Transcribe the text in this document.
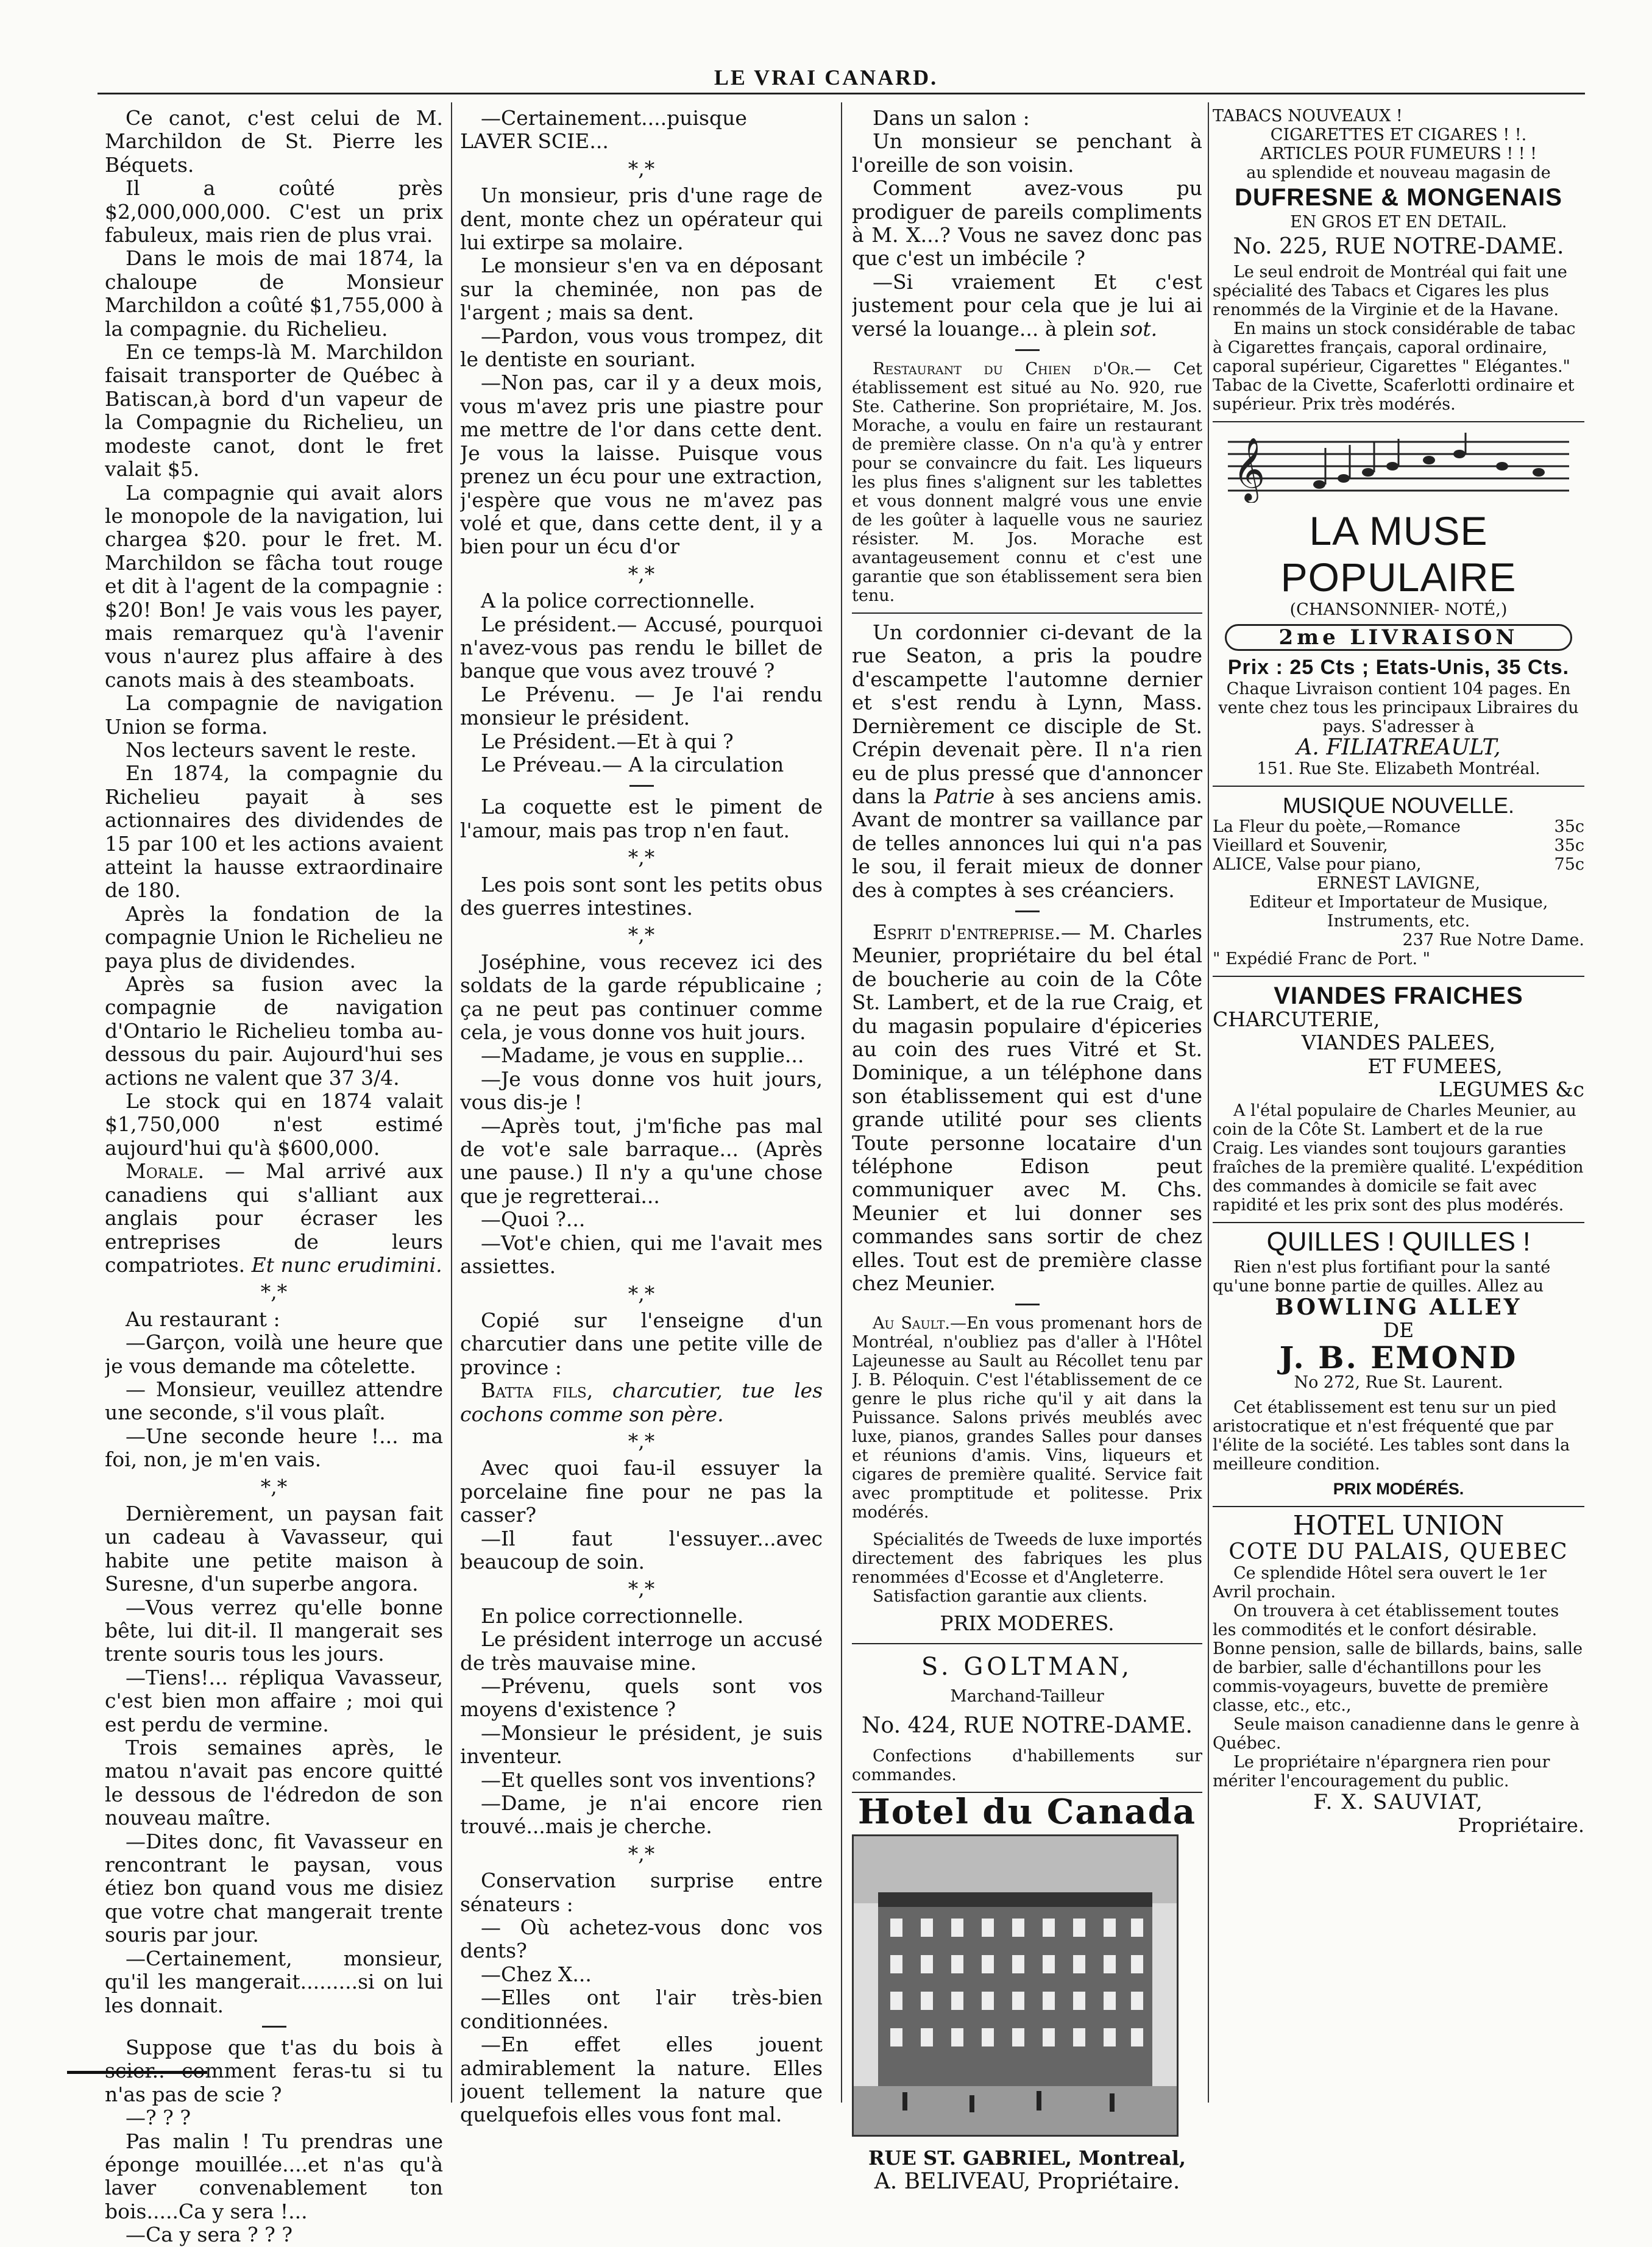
LE VRAI CANARD.

Ce canot, c'est celui de M. Marchildon de St. Pierre les Béquets.

Il a coûté près $2,000,000,000. C'est un prix fabuleux, mais rien de plus vrai.

Dans le mois de mai 1874, la chaloupe de Monsieur Marchildon a coûté $1,755,000 à la compagnie. du Richelieu.

En ce temps-là M. Marchildon faisait transporter de Québec à Batiscan,à bord d'un vapeur de la Compagnie du Richelieu, un modeste canot, dont le fret valait $5.

La compagnie qui avait alors le monopole de la navigation, lui chargea $20. pour le fret. M. Marchildon se fâcha tout rouge et dit à l'agent de la compagnie : $20! Bon! Je vais vous les payer, mais remarquez qu'à l'avenir vous n'aurez plus affaire à des canots mais à des steamboats.

La compagnie de navigation Union se forma.

Nos lecteurs savent le reste.

En 1874, la compagnie du Richelieu payait à ses actionnaires des dividendes de 15 par 100 et les actions avaient atteint la hausse extraordinaire de 180.

Après la fondation de la compagnie Union le Richelieu ne paya plus de dividendes.

Après sa fusion avec la compagnie de navigation d'Ontario le Richelieu tomba au-dessous du pair. Aujourd'hui ses actions ne valent que 37 3/4.

Le stock qui en 1874 valait $1,750,000 n'est estimé aujourd'hui qu'à $600,000.

Morale. — Mal arrivé aux canadiens qui s'alliant aux anglais pour écraser les entreprises de leurs compatriotes. Et nunc erudimini.

*,*

Au restaurant :

—Garçon, voilà une heure que je vous demande ma côtelette.

— Monsieur, veuillez attendre une seconde, s'il vous plaît.

—Une seconde heure !... ma foi, non, je m'en vais.

*,*

Dernièrement, un paysan fait un cadeau à Vavasseur, qui habite une petite maison à Suresne, d'un superbe angora.

—Vous verrez qu'elle bonne bête, lui dit-il. Il mangerait ses trente souris tous les jours.

—Tiens!... répliqua Vavasseur, c'est bien mon affaire ; moi qui est perdu de vermine.

Trois semaines après, le matou n'avait pas encore quitté le dessous de l'édredon de son nouveau maître.

—Dites donc, fit Vavasseur en rencontrant le paysan, vous étiez bon quand vous me disiez que votre chat mangerait trente souris par jour.

—Certainement, monsieur, qu'il les mangerait.........si on lui les donnait.

Suppose que t'as du bois à scier.. comment feras-tu si tu n'as pas de scie ?

—? ? ?

Pas malin ! Tu prendras une éponge mouillée....et n'as qu'à laver convenablement ton bois.....Ca y sera !...

—Ca y sera ? ? ?

—Certainement....puisque LAVER SCIE...

*,*

Un monsieur, pris d'une rage de dent, monte chez un opérateur qui lui extirpe sa molaire.

Le monsieur s'en va en déposant sur la cheminée, non pas de l'argent ; mais sa dent.

—Pardon, vous vous trompez, dit le dentiste en souriant.

—Non pas, car il y a deux mois, vous m'avez pris une piastre pour me mettre de l'or dans cette dent. Je vous la laisse. Puisque vous prenez un écu pour une extraction, j'espère que vous ne m'avez pas volé et que, dans cette dent, il y a bien pour un écu d'or

*,*

A la police correctionnelle.

Le président.— Accusé, pourquoi n'avez-vous pas rendu le billet de banque que vous avez trouvé ?

Le Prévenu. — Je l'ai rendu monsieur le président.

Le Président.—Et à qui ?

Le Préveau.— A la circulation

La coquette est le piment de l'amour, mais pas trop n'en faut.

*,*

Les pois sont sont les petits obus des guerres intestines.

*,*

Joséphine, vous recevez ici des soldats de la garde républicaine ; ça ne peut pas continuer comme cela, je vous donne vos huit jours.

—Madame, je vous en supplie...

—Je vous donne vos huit jours, vous dis-je !

—Après tout, j'm'fiche pas mal de vot'e sale barraque... (Après une pause.) Il n'y a qu'une chose que je regretterai...

—Quoi ?...

—Vot'e chien, qui me l'avait mes assiettes.

*,*

Copié sur l'enseigne d'un charcutier dans une petite ville de province :

Batta fils, charcutier, tue les cochons comme son père.

*,*

Avec quoi fau-il essuyer la porcelaine fine pour ne pas la casser?

—Il faut l'essuyer...avec beaucoup de soin.

*,*

En police correctionnelle.

Le président interroge un accusé de très mauvaise mine.

—Prévenu, quels sont vos moyens d'existence ?

—Monsieur le président, je suis inventeur.

—Et quelles sont vos inventions?

—Dame, je n'ai encore rien trouvé...mais je cherche.

*,*

Conservation surprise entre sénateurs :

— Où achetez-vous donc vos dents?

—Chez X...

—Elles ont l'air très-bien conditionnées.

—En effet elles jouent admirablement la nature. Elles jouent tellement la nature que quelquefois elles vous font mal.

Dans un salon :

Un monsieur se penchant à l'oreille de son voisin.

Comment avez-vous pu prodiguer de pareils compliments à M. X...? Vous ne savez donc pas que c'est un imbécile ?

—Si vraiement Et c'est justement pour cela que je lui ai versé la louange... à plein sot.

Restaurant du Chien d'Or.— Cet établissement est situé au No. 920, rue Ste. Catherine. Son propriétaire, M. Jos. Morache, a voulu en faire un restaurant de première classe. On n'a qu'à y entrer pour se convaincre du fait. Les liqueurs les plus fines s'alignent sur les tablettes et vous donnent malgré vous une envie de les goûter à laquelle vous ne sauriez résister. M. Jos. Morache est avantageusement connu et c'est une garantie que son établissement sera bien tenu.

Un cordonnier ci-devant de la rue Seaton, a pris la poudre d'escampette l'automne dernier et s'est rendu à Lynn, Mass. Dernièrement ce disciple de St. Crépin devenait père. Il n'a rien eu de plus pressé que d'annoncer dans la Patrie à ses anciens amis. Avant de montrer sa vaillance par de telles annonces lui qui n'a pas le sou, il ferait mieux de donner des à comptes à ses créanciers.

Esprit d'entreprise.— M. Charles Meunier, propriétaire du bel étal de boucherie au coin de la Côte St. Lambert, et de la rue Craig, et du magasin populaire d'épiceries au coin des rues Vitré et St. Dominique, a un téléphone dans son établissement qui est d'une grande utilité pour ses clients Toute personne locataire d'un téléphone Edison peut communiquer avec M. Chs. Meunier et lui donner ses commandes sans sortir de chez elles. Tout est de première classe chez Meunier.

Au Sault.—En vous promenant hors de Montréal, n'oubliez pas d'aller à l'Hôtel Lajeunesse au Sault au Récollet tenu par J. B. Péloquin. C'est l'établissement de ce genre le plus riche qu'il y ait dans la Puissance. Salons privés meublés avec luxe, pianos, grandes Salles pour danses et réunions d'amis. Vins, liqueurs et cigares de première qualité. Service fait avec promptitude et politesse. Prix modérés.

Spécialités de Tweeds de luxe importés directement des fabriques les plus renommées d'Ecosse et d'Angleterre.

Satisfaction garantie aux clients.

PRIX MODERES.

S. GOLTMAN,
Marchand-Tailleur
No. 424, RUE NOTRE-DAME.

Confections d'habillements sur commandes.

Hotel du Canada
RUE ST. GABRIEL, Montreal,
A. BELIVEAU, Propriétaire.
TABACS NOUVEAUX !
CIGARETTES ET CIGARES ! !.
ARTICLES POUR FUMEURS ! ! !
au splendide et nouveau magasin de
DUFRESNE & MONGENAIS
EN GROS ET EN DETAIL.
No. 225, RUE NOTRE-DAME.

Le seul endroit de Montréal qui fait une spécialité des Tabacs et Cigares les plus renommés de la Virginie et de la Havane.

En mains un stock considérable de tabac à Cigarettes français, caporal ordinaire, caporal supérieur, Cigarettes " Elégantes." Tabac de la Civette, Scaferlotti ordinaire et supérieur. Prix très modérés.

𝄞
LA MUSE POPULAIRE
(CHANSONNIER- NOTÉ,)
2me LIVRAISON
Prix : 25 Cts ; Etats-Unis, 35 Cts.

Chaque Livraison contient 104 pages. En vente chez tous les principaux Libraires du pays. S'adresser à

A. FILIATREAULT,
151. Rue Ste. Elizabeth Montréal.
MUSIQUE NOUVELLE.
La Fleur du poète,—Romance	35c
Vieillard et Souvenir,	35c
ALICE, Valse pour piano,	75c
ERNEST LAVIGNE,
Editeur et Importateur de Musique, Instruments, etc.
237 Rue Notre Dame.
" Expédié Franc de Port. "
VIANDES FRAICHES
CHARCUTERIE,
VIANDES PALEES,
ET FUMEES,
LEGUMES &c

A l'étal populaire de Charles Meunier, au coin de la Côte St. Lambert et de la rue Craig. Les viandes sont toujours garanties fraîches de la première qualité. L'expédition des commandes à domicile se fait avec rapidité et les prix sont des plus modérés.

QUILLES ! QUILLES !

Rien n'est plus fortifiant pour la santé qu'une bonne partie de quilles. Allez au

BOWLING ALLEY
DE
J. B. EMOND
No 272, Rue St. Laurent.

Cet établissement est tenu sur un pied aristocratique et n'est fréquenté que par l'élite de la société. Les tables sont dans la meilleure condition.

PRIX MODÉRÉS.
HOTEL UNION
COTE DU PALAIS, QUEBEC

Ce splendide Hôtel sera ouvert le 1er Avril prochain.

On trouvera à cet établissement toutes les commodités et le confort désirable. Bonne pension, salle de billards, bains, salle de barbier, salle d'échantillons pour les commis-voyageurs, buvette de première classe, etc., etc.,

Seule maison canadienne dans le genre à Québec.

Le propriétaire n'épargnera rien pour mériter l'encouragement du public.

F. X. SAUVIAT,
Propriétaire.
